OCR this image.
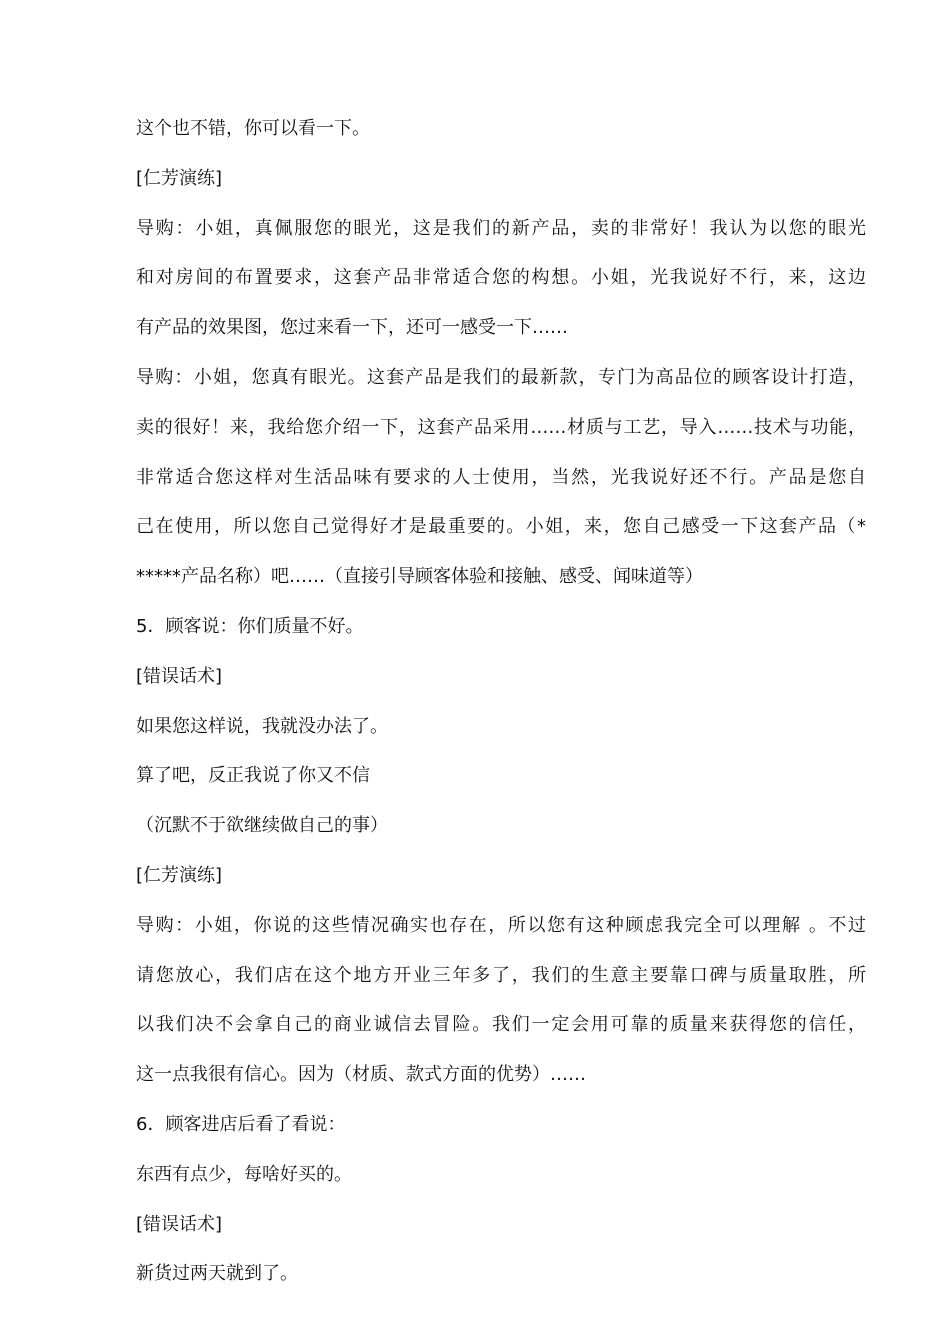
这个也不错，你可以看一下。
[仁芳演练]
导购：小姐，真佩服您的眼光，这是我们的新产品，卖的非常好！我认为以您的眼光
和对房间的布置要求，这套产品非常适合您的构想。小姐，光我说好不行，来，这边
有产品的效果图，您过来看一下，还可一感受一下……
导购：小姐，您真有眼光。这套产品是我们的最新款，专门为高品位的顾客设计打造，
卖的很好！来，我给您介绍一下，这套产品采用……材质与工艺，导入……技术与功能，
非常适合您这样对生活品味有要求的人士使用，当然，光我说好还不行。产品是您自
己在使用，所以您自己觉得好才是最重要的。小姐，来，您自己感受一下这套产品（*
*****产品名称）吧……（直接引导顾客体验和接触、感受、闻味道等）
5．顾客说：你们质量不好。
[错误话术]
如果您这样说，我就没办法了。
算了吧，反正我说了你又不信
（沉默不于欲继续做自己的事）
[仁芳演练]
导购：小姐，你说的这些情况确实也存在，所以您有这种顾虑我完全可以理解 。不过
请您放心，我们店在这个地方开业三年多了，我们的生意主要靠口碑与质量取胜，所
以我们决不会拿自己的商业诚信去冒险。我们一定会用可靠的质量来获得您的信任，
这一点我很有信心。因为（材质、款式方面的优势）……
6．顾客进店后看了看说：
东西有点少，每啥好买的。
[错误话术]
新货过两天就到了。
